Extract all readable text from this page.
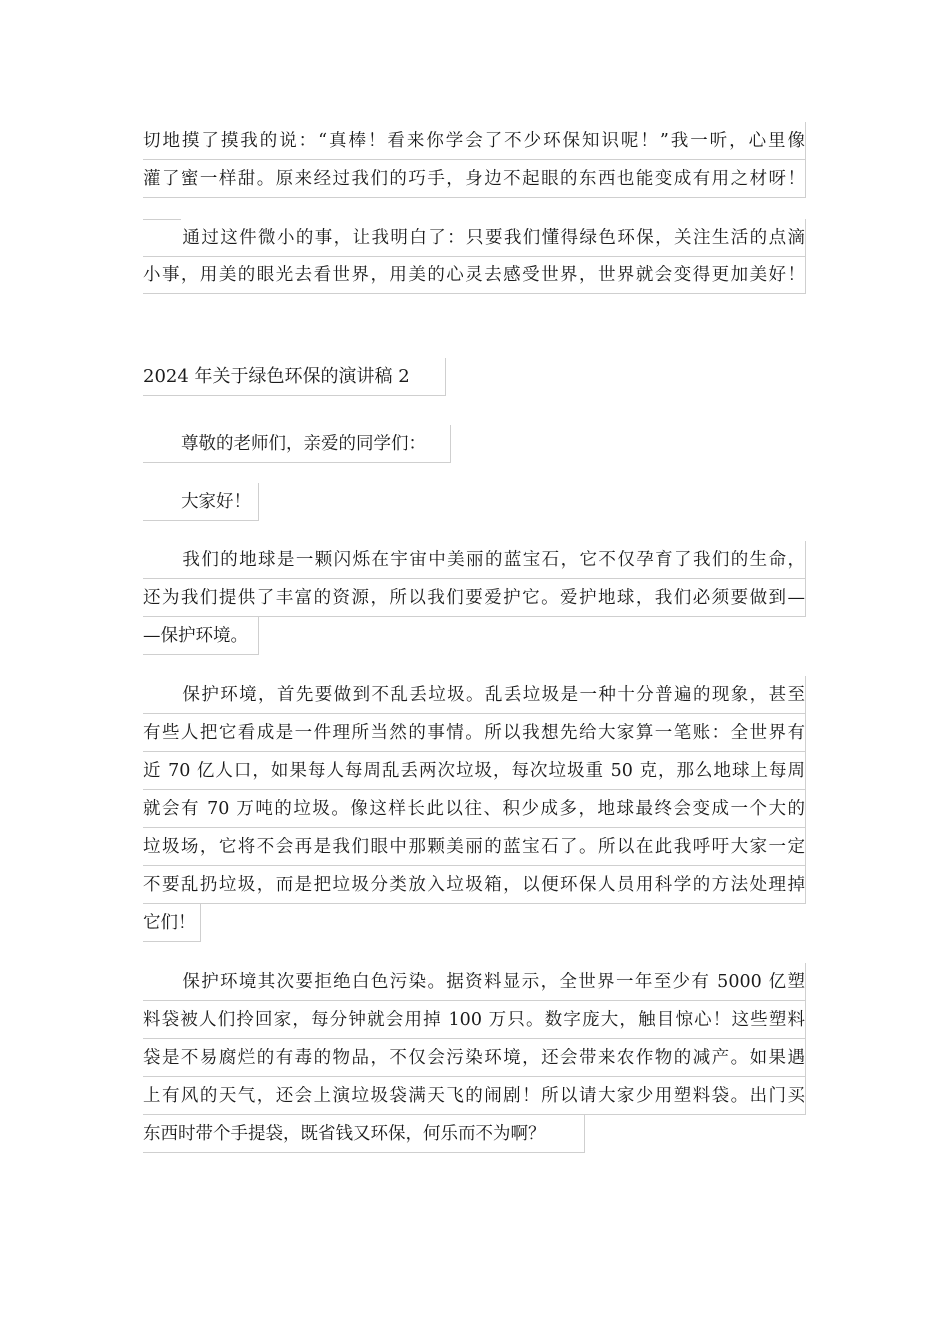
切地摸了摸我的说：“真棒！看来你学会了不少环保知识呢！”我一听，心里像
灌了蜜一样甜。原来经过我们的巧手，身边不起眼的东西也能变成有用之材呀！
通过这件微小的事，让我明白了：只要我们懂得绿色环保，关注生活的点滴
小事，用美的眼光去看世界，用美的心灵去感受世界，世界就会变得更加美好！
2024 年关于绿色环保的演讲稿 2
尊敬的老师们，亲爱的同学们：
大家好！
我们的地球是一颗闪烁在宇宙中美丽的蓝宝石，它不仅孕育了我们的生命，
还为我们提供了丰富的资源，所以我们要爱护它。爱护地球，我们必须要做到—
—保护环境。
保护环境，首先要做到不乱丢垃圾。乱丢垃圾是一种十分普遍的现象，甚至
有些人把它看成是一件理所当然的事情。所以我想先给大家算一笔账：全世界有
近 70 亿人口，如果每人每周乱丢两次垃圾，每次垃圾重 50 克，那么地球上每周
就会有 70 万吨的垃圾。像这样长此以往、积少成多，地球最终会变成一个大的
垃圾场，它将不会再是我们眼中那颗美丽的蓝宝石了。所以在此我呼吁大家一定
不要乱扔垃圾，而是把垃圾分类放入垃圾箱，以便环保人员用科学的方法处理掉
它们！
保护环境其次要拒绝白色污染。据资料显示，全世界一年至少有 5000 亿塑
料袋被人们拎回家，每分钟就会用掉 100 万只。数字庞大，触目惊心！这些塑料
袋是不易腐烂的有毒的物品，不仅会污染环境，还会带来农作物的减产。如果遇
上有风的天气，还会上演垃圾袋满天飞的闹剧！所以请大家少用塑料袋。出门买
东西时带个手提袋，既省钱又环保，何乐而不为啊？
